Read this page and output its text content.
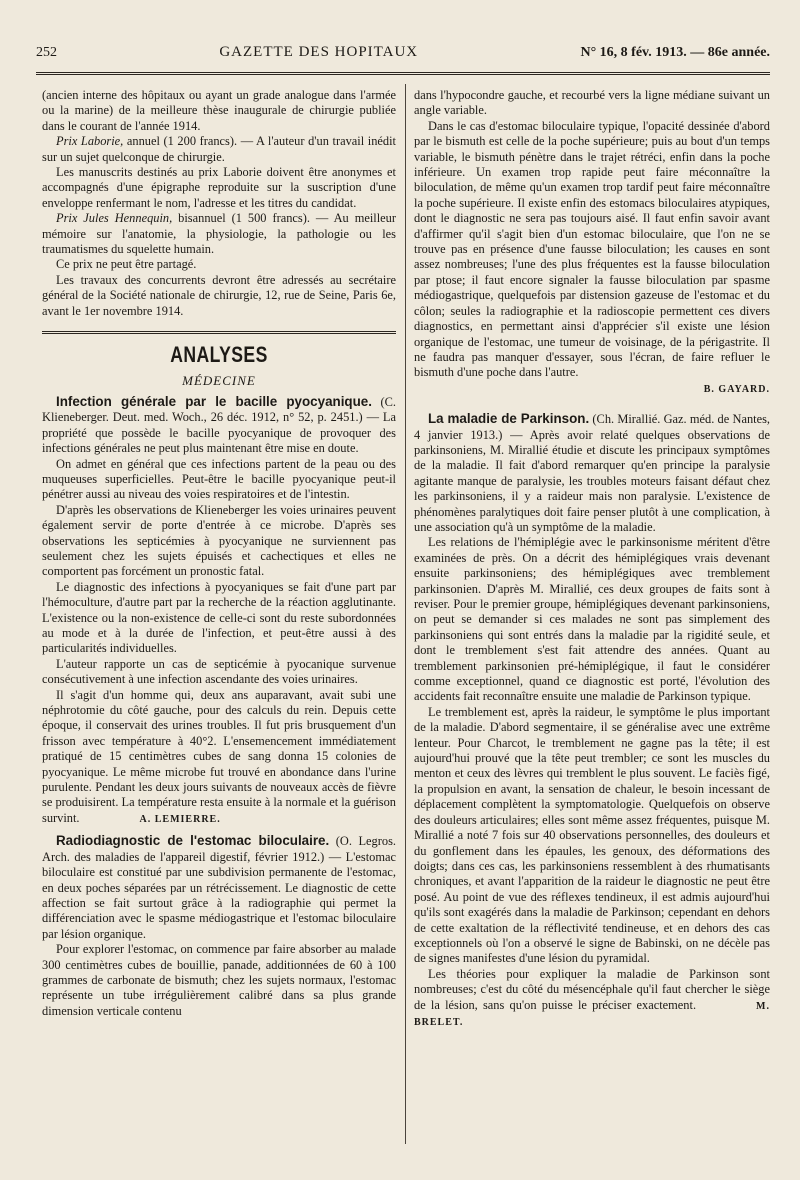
252	GAZETTE DES HOPITAUX	N° 16, 8 fév. 1913. — 86e année.

(ancien interne des hôpitaux ou ayant un grade analogue dans l'armée ou la marine) de la meilleure thèse inaugurale de chirurgie publiée dans le courant de l'année 1914.

Prix Laborie, annuel (1 200 francs). — A l'auteur d'un travail inédit sur un sujet quelconque de chirurgie.

Les manuscrits destinés au prix Laborie doivent être anonymes et accompagnés d'une épigraphe reproduite sur la suscription d'une enveloppe renfermant le nom, l'adresse et les titres du candidat.

Prix Jules Hennequin, bisannuel (1 500 francs). — Au meilleur mémoire sur l'anatomie, la physiologie, la pathologie ou les traumatismes du squelette humain.

Ce prix ne peut être partagé.

Les travaux des concurrents devront être adressés au secrétaire général de la Société nationale de chirurgie, 12, rue de Seine, Paris 6e, avant le 1er novembre 1914.

ANALYSES
MÉDECINE

Infection générale par le bacille pyocyanique. (C. Klieneberger. Deut. med. Woch., 26 déc. 1912, n° 52, p. 2451.) — La propriété que possède le bacille pyocyanique de provoquer des infections générales ne peut plus maintenant être mise en doute.

On admet en général que ces infections partent de la peau ou des muqueuses superficielles. Peut-être le bacille pyocyanique peut-il pénétrer aussi au niveau des voies respiratoires et de l'intestin.

D'après les observations de Klieneberger les voies urinaires peuvent également servir de porte d'entrée à ce microbe. D'après ses observations les septicémies à pyocyanique ne surviennent pas seulement chez les sujets épuisés et cachectiques et elles ne comportent pas forcément un pronostic fatal.

Le diagnostic des infections à pyocyaniques se fait d'une part par l'hémoculture, d'autre part par la recherche de la réaction agglutinante. L'existence ou la non-existence de celle-ci sont du reste subordonnées au mode et à la durée de l'infection, et peut-être aussi à des particularités individuelles.

L'auteur rapporte un cas de septicémie à pyocanique survenue consécutivement à une infection ascendante des voies urinaires.

Il s'agit d'un homme qui, deux ans auparavant, avait subi une néphrotomie du côté gauche, pour des calculs du rein. Depuis cette époque, il conservait des urines troubles. Il fut pris brusquement d'un frisson avec température à 40°2. L'ensemencement immédiatement pratiqué de 15 centimètres cubes de sang donna 15 colonies de pyocyanique. Le même microbe fut trouvé en abondance dans l'urine purulente. Pendant les deux jours suivants de nouveaux accès de fièvre se produisirent. La température resta ensuite à la normale et la guérison survint.	A. LEMIERRE.

Radiodiagnostic de l'estomac biloculaire. (O. Legros. Arch. des maladies de l'appareil digestif, février 1912.) — L'estomac biloculaire est constitué par une subdivision permanente de l'estomac, en deux poches séparées par un rétrécissement. Le diagnostic de cette affection se fait surtout grâce à la radiographie qui permet la différenciation avec le spasme médiogastrique et l'estomac biloculaire par lésion organique.

Pour explorer l'estomac, on commence par faire absorber au malade 300 centimètres cubes de bouillie, panade, additionnées de 60 à 100 grammes de carbonate de bismuth; chez les sujets normaux, l'estomac représente un tube irrégulièrement calibré dans sa plus grande dimension verticale contenu

dans l'hypocondre gauche, et recourbé vers la ligne médiane suivant un angle variable.

Dans le cas d'estomac biloculaire typique, l'opacité dessinée d'abord par le bismuth est celle de la poche supérieure; puis au bout d'un temps variable, le bismuth pénètre dans le trajet rétréci, enfin dans la poche inférieure. Un examen trop rapide peut faire méconnaître la biloculation, de même qu'un examen trop tardif peut faire méconnaître la poche supérieure. Il existe enfin des estomacs biloculaires atypiques, dont le diagnostic ne sera pas toujours aisé. Il faut enfin savoir avant d'affirmer qu'il s'agit bien d'un estomac biloculaire, que l'on ne se trouve pas en présence d'une fausse biloculation; les causes en sont assez nombreuses; l'une des plus fréquentes est la fausse biloculation par ptose; il faut encore signaler la fausse biloculation par spasme médiogastrique, quelquefois par distension gazeuse de l'estomac et du côlon; seules la radiographie et la radioscopie permettent ces divers diagnostics, en permettant ainsi d'apprécier s'il existe une lésion organique de l'estomac, une tumeur de voisinage, de la périgastrite. Il ne faudra pas manquer d'essayer, sous l'écran, de faire refluer le bismuth d'une poche dans l'autre.

B. GAYARD.

La maladie de Parkinson. (Ch. Mirallié. Gaz. méd. de Nantes, 4 janvier 1913.) — Après avoir relaté quelques observations de parkinsoniens, M. Mirallié étudie et discute les principaux symptômes de la maladie. Il fait d'abord remarquer qu'en principe la paralysie agitante manque de paralysie, les troubles moteurs faisant défaut chez les parkinsoniens, il y a raideur mais non paralysie. L'existence de phénomènes paralytiques doit faire penser plutôt à une complication, à une association qu'à un symptôme de la maladie.

Les relations de l'hémiplégie avec le parkinsonisme méritent d'être examinées de près. On a décrit des hémiplégiques vrais devenant ensuite parkinsoniens; des hémiplégiques avec tremblement parkinsonien. D'après M. Mirallié, ces deux groupes de faits sont à reviser. Pour le premier groupe, hémiplégiques devenant parkinsoniens, on peut se demander si ces malades ne sont pas simplement des parkinsoniens qui sont entrés dans la maladie par la rigidité seule, et dont le tremblement s'est fait attendre des années. Quant au tremblement parkinsonien pré-hémiplégique, il faut le considérer comme exceptionnel, quand ce diagnostic est porté, l'évolution des accidents fait reconnaître ensuite une maladie de Parkinson typique.

Le tremblement est, après la raideur, le symptôme le plus important de la maladie. D'abord segmentaire, il se généralise avec une extrême lenteur. Pour Charcot, le tremblement ne gagne pas la tête; il est aujourd'hui prouvé que la tête peut trembler; ce sont les muscles du menton et ceux des lèvres qui tremblent le plus souvent. Le faciès figé, la propulsion en avant, la sensation de chaleur, le besoin incessant de déplacement complètent la symptomatologie. Quelquefois on observe des douleurs articulaires; elles sont même assez fréquentes, puisque M. Mirallié a noté 7 fois sur 40 observations personnelles, des douleurs et du gonflement dans les épaules, les genoux, des déformations des doigts; dans ces cas, les parkinsoniens ressemblent à des rhumatisants chroniques, et avant l'apparition de la raideur le diagnostic ne peut être posé. Au point de vue des réflexes tendineux, il est admis aujourd'hui qu'ils sont exagérés dans la maladie de Parkinson; cependant en dehors de cette exaltation de la réflectivité tendineuse, et en dehors des cas exceptionnels où l'on a observé le signe de Babinski, on ne décèle pas de signes manifestes d'une lésion du pyramidal.

Les théories pour expliquer la maladie de Parkinson sont nombreuses; c'est du côté du mésencéphale qu'il faut chercher le siège de la lésion, sans qu'on puisse le préciser exactement.	M. BRELET.
